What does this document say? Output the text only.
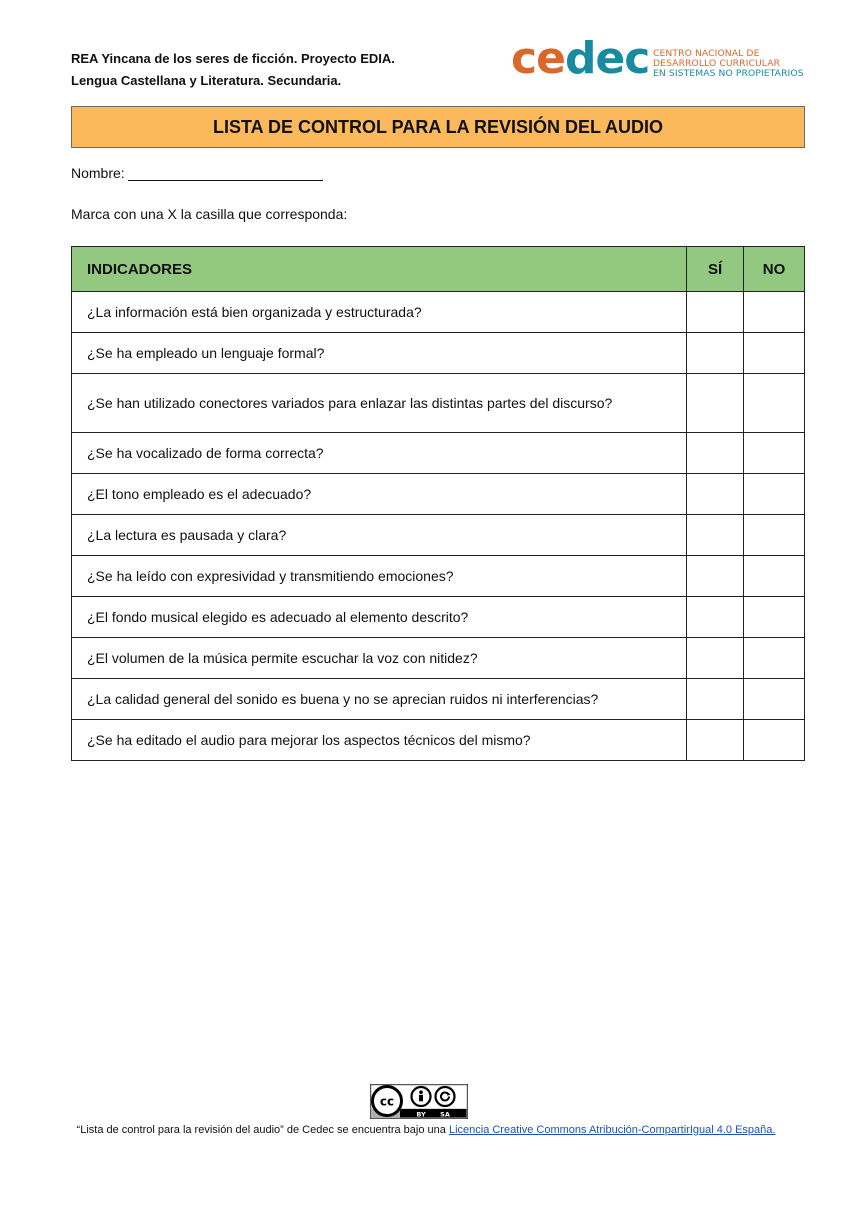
REA Yincana de los seres de ficción. Proyecto EDIA.
Lengua Castellana y Literatura. Secundaria.	cedec CENTRO NACIONAL DE
DESARROLLO CURRICULAR
EN SISTEMAS NO PROPIETARIOS
LISTA DE CONTROL PARA LA REVISIÓN DEL AUDIO
Nombre:
Marca con una X la casilla que corresponda:
INDICADORES	SÍ	NO
¿La información está bien organizada y estructurada?		
¿Se ha empleado un lenguaje formal?		
¿Se han utilizado conectores variados para enlazar las distintas partes del discurso?		
¿Se ha vocalizado de forma correcta?		
¿El tono empleado es el adecuado?		
¿La lectura es pausada y clara?		
¿Se ha leído con expresividad y transmitiendo emociones?		
¿El fondo musical elegido es adecuado al elemento descrito?		
¿El volumen de la música permite escuchar la voz con nitidez?		
¿La calidad general del sonido es buena y no se aprecian ruidos ni interferencias?		
¿Se ha editado el audio para mejorar los aspectos técnicos del mismo?		
cc
BY SA
“Lista de control para la revisión del audio” de Cedec se encuentra bajo una Licencia Creative Commons Atribución-CompartirIgual 4.0 España.
